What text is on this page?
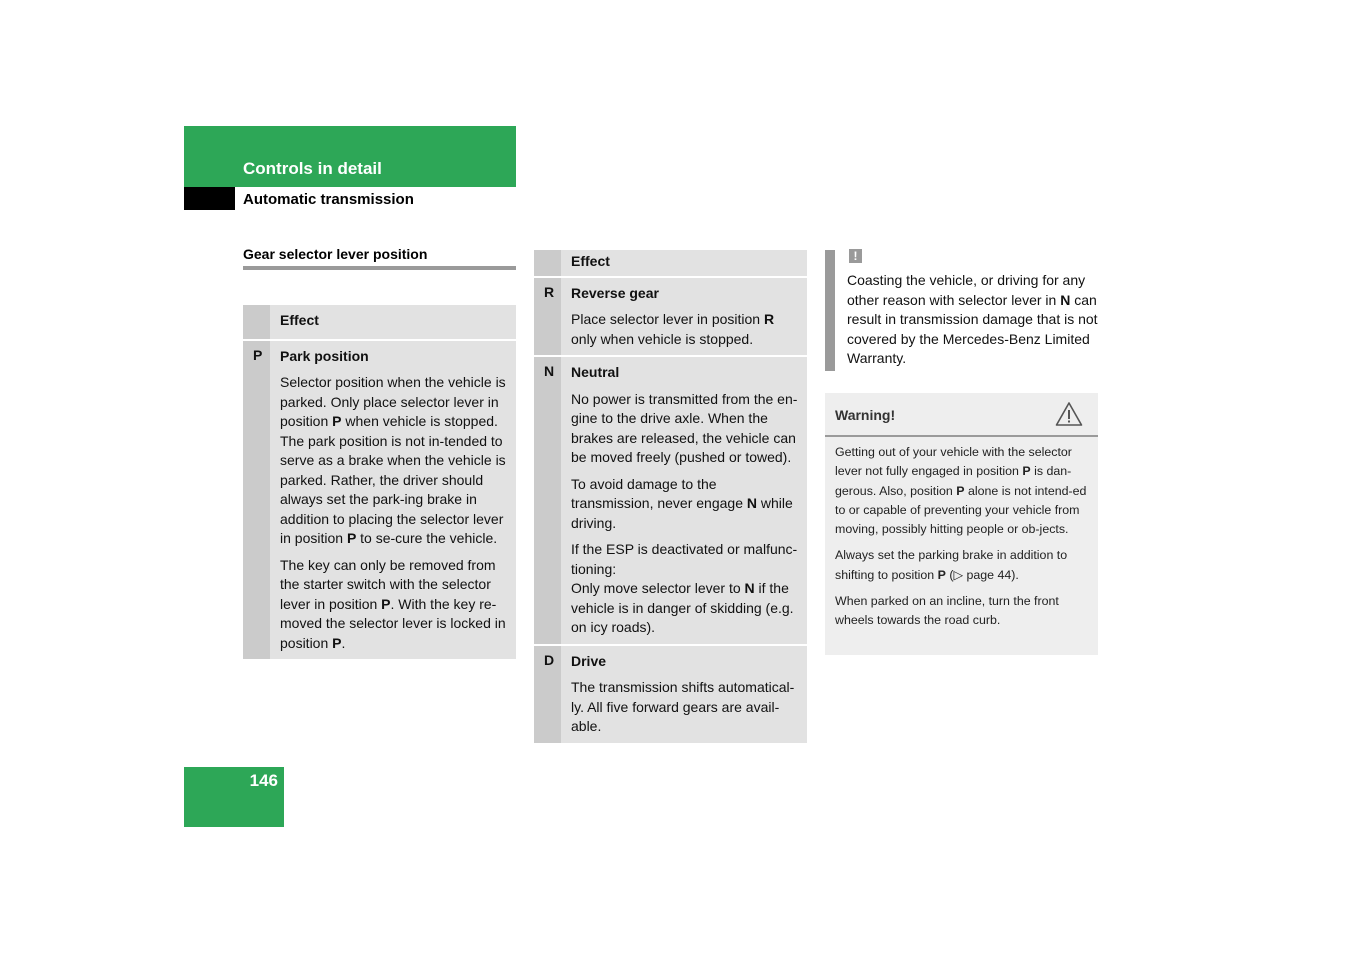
Controls in detail
Automatic transmission
Gear selector lever position
Effect
P	Park position

Selector position when the vehicle is parked. Only place selector lever in position P when vehicle is stopped. The park position is not in-tended to serve as a brake when the vehicle is parked. Rather, the driver should always set the park-ing brake in addition to placing the selector lever in position P to se-cure the vehicle.

The key can only be removed from the starter switch with the selector lever in position P. With the key re-moved the selector lever is locked in position P.

Effect
R	Reverse gear

Place selector lever in position R only when vehicle is stopped.

N	Neutral

No power is transmitted from the en-gine to the drive axle. When the brakes are released, the vehicle can be moved freely (pushed or towed).

To avoid damage to the transmission, never engage N while driving.

If the ESP is deactivated or malfunc-tioning:
Only move selector lever to N if the vehicle is in danger of skidding (e.g. on icy roads).

D	Drive

The transmission shifts automatical-ly. All five forward gears are avail-able.

!
Coasting the vehicle, or driving for any other reason with selector lever in N can result in transmission damage that is not covered by the Mercedes-Benz Limited Warranty.
Warning!

Getting out of your vehicle with the selector lever not fully engaged in position P is dan-gerous. Also, position P alone is not intend-ed to or capable of preventing your vehicle from moving, possibly hitting people or ob-jects.

Always set the parking brake in addition to shifting to position P (▷ page 44).

When parked on an incline, turn the front wheels towards the road curb.

146
